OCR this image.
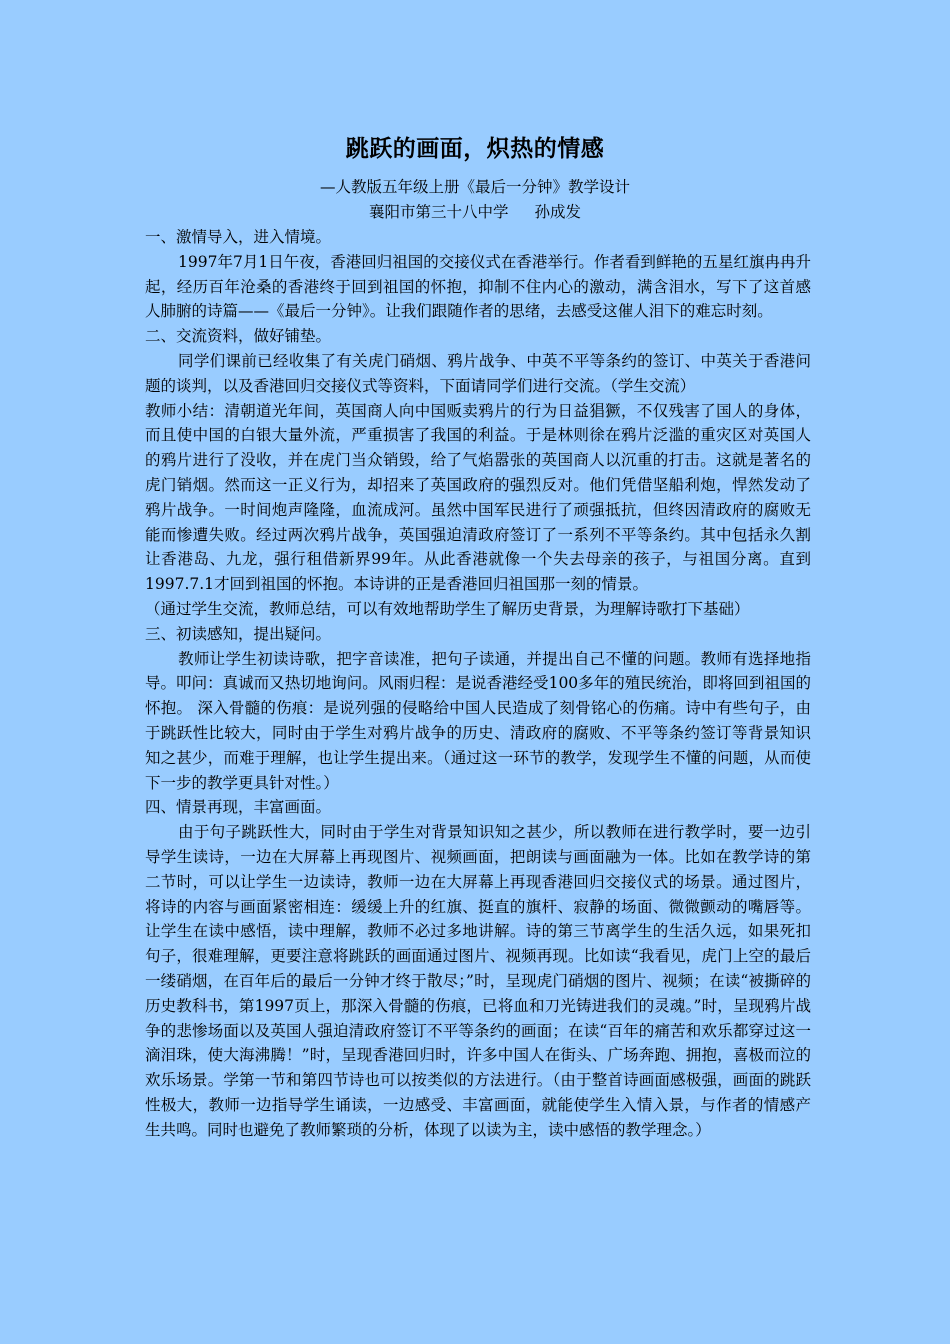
跳跃的画面，炽热的情感
—人教版五年级上册《最后一分钟》教学设计
襄阳市第三十八中学 孙成发

一、激情导入，进入情境。

1997年7月1日午夜，香港回归祖国的交接仪式在香港举行。作者看到鲜艳的五星红旗冉冉升起，经历百年沧桑的香港终于回到祖国的怀抱，抑制不住内心的激动，满含泪水，写下了这首感人肺腑的诗篇——《最后一分钟》。让我们跟随作者的思绪，去感受这催人泪下的难忘时刻。

二、交流资料，做好铺垫。

同学们课前已经收集了有关虎门硝烟、鸦片战争、中英不平等条约的签订、中英关于香港问题的谈判，以及香港回归交接仪式等资料，下面请同学们进行交流。（学生交流）

教师小结：清朝道光年间，英国商人向中国贩卖鸦片的行为日益猖獗，不仅残害了国人的身体，而且使中国的白银大量外流，严重损害了我国的利益。于是林则徐在鸦片泛滥的重灾区对英国人的鸦片进行了没收，并在虎门当众销毁，给了气焰嚣张的英国商人以沉重的打击。这就是著名的虎门销烟。然而这一正义行为，却招来了英国政府的强烈反对。他们凭借坚船利炮，悍然发动了鸦片战争。一时间炮声隆隆，血流成河。虽然中国军民进行了顽强抵抗，但终因清政府的腐败无能而惨遭失败。经过两次鸦片战争，英国强迫清政府签订了一系列不平等条约。其中包括永久割让香港岛、九龙，强行租借新界99年。从此香港就像一个失去母亲的孩子，与祖国分离。直到1997.7.1才回到祖国的怀抱。本诗讲的正是香港回归祖国那一刻的情景。

（通过学生交流，教师总结，可以有效地帮助学生了解历史背景，为理解诗歌打下基础）

三、初读感知，提出疑问。

教师让学生初读诗歌，把字音读准，把句子读通，并提出自己不懂的问题。教师有选择地指导。叩问：真诚而又热切地询问。风雨归程：是说香港经受100多年的殖民统治，即将回到祖国的怀抱。 深入骨髓的伤痕：是说列强的侵略给中国人民造成了刻骨铭心的伤痛。诗中有些句子，由于跳跃性比较大，同时由于学生对鸦片战争的历史、清政府的腐败、不平等条约签订等背景知识知之甚少，而难于理解，也让学生提出来。（通过这一环节的教学，发现学生不懂的问题，从而使下一步的教学更具针对性。）

四、情景再现，丰富画面。

由于句子跳跃性大，同时由于学生对背景知识知之甚少，所以教师在进行教学时，要一边引导学生读诗，一边在大屏幕上再现图片、视频画面，把朗读与画面融为一体。比如在教学诗的第二节时，可以让学生一边读诗，教师一边在大屏幕上再现香港回归交接仪式的场景。通过图片，将诗的内容与画面紧密相连：缓缓上升的红旗、挺直的旗杆、寂静的场面、微微颤动的嘴唇等。让学生在读中感悟，读中理解，教师不必过多地讲解。诗的第三节离学生的生活久远，如果死扣句子，很难理解，更要注意将跳跃的画面通过图片、视频再现。比如读“我看见，虎门上空的最后一缕硝烟，在百年后的最后一分钟才终于散尽；”时，呈现虎门硝烟的图片、视频；在读“被撕碎的历史教科书，第1997页上，那深入骨髓的伤痕，已将血和刀光铸进我们的灵魂。”时，呈现鸦片战争的悲惨场面以及英国人强迫清政府签订不平等条约的画面；在读“百年的痛苦和欢乐都穿过这一滴泪珠，使大海沸腾！”时，呈现香港回归时，许多中国人在街头、广场奔跑、拥抱，喜极而泣的欢乐场景。学第一节和第四节诗也可以按类似的方法进行。（由于整首诗画面感极强，画面的跳跃性极大，教师一边指导学生诵读，一边感受、丰富画面，就能使学生入情入景，与作者的情感产生共鸣。同时也避免了教师繁琐的分析，体现了以读为主，读中感悟的教学理念。）
